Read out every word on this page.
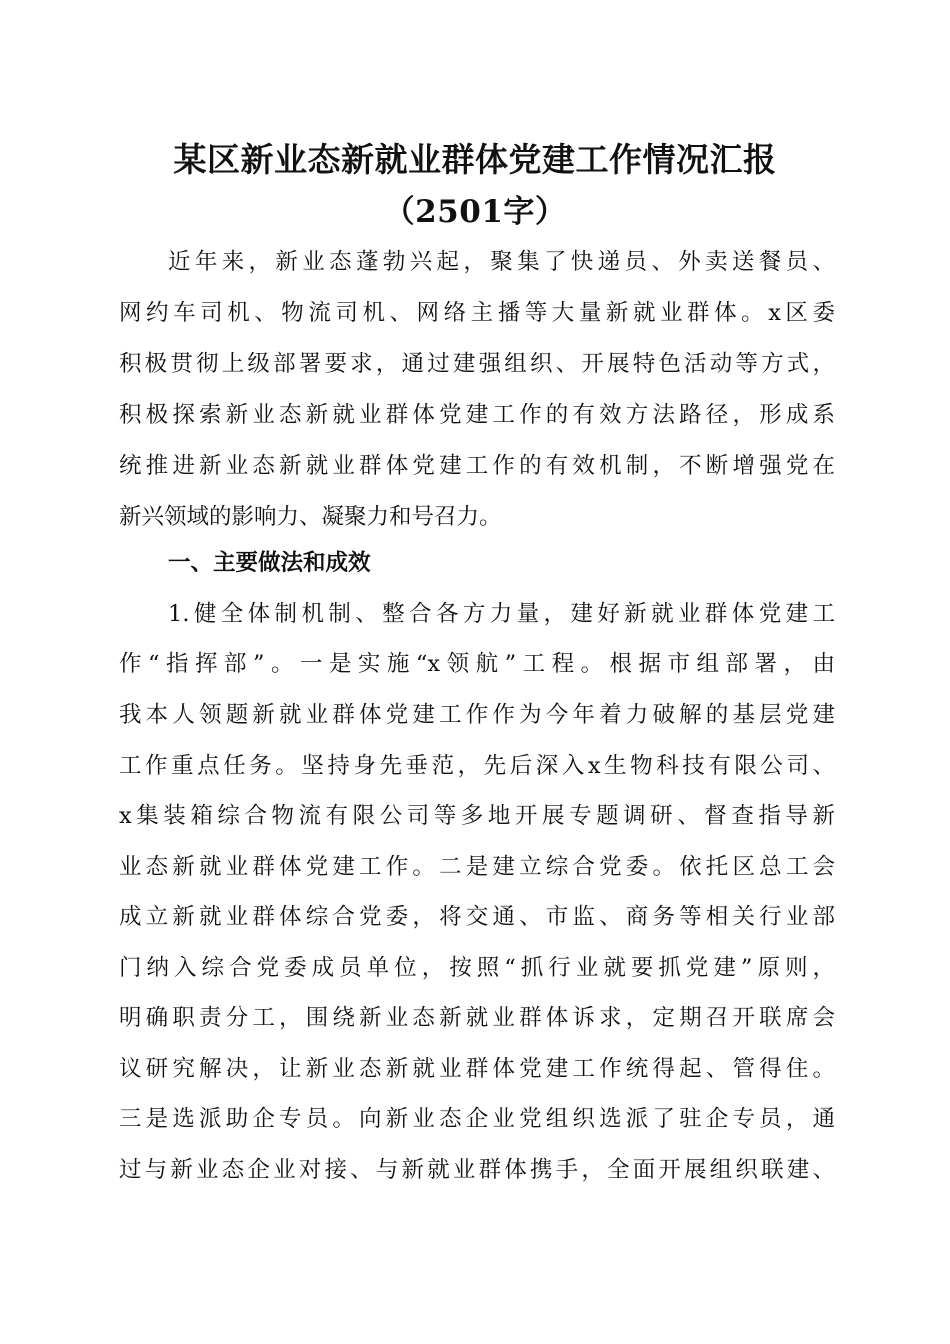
某区新业态新就业群体党建工作情况汇报
（2501字）
近年来，新业态蓬勃兴起，聚集了快递员、外卖送餐员、
网约车司机、物流司机、网络主播等大量新就业群体。x区委
积极贯彻上级部署要求，通过建强组织、开展特色活动等方式，
积极探索新业态新就业群体党建工作的有效方法路径，形成系
统推进新业态新就业群体党建工作的有效机制，不断增强党在
新兴领域的影响力、凝聚力和号召力。
一、主要做法和成效
1.健全体制机制、整合各方力量，建好新就业群体党建工
作“指挥部”。一是实施“x领航”工程。根据市组部署，由
我本人领题新就业群体党建工作作为今年着力破解的基层党建
工作重点任务。坚持身先垂范，先后深入x生物科技有限公司、
x集装箱综合物流有限公司等多地开展专题调研、督查指导新
业态新就业群体党建工作。二是建立综合党委。依托区总工会
成立新就业群体综合党委，将交通、市监、商务等相关行业部
门纳入综合党委成员单位，按照“抓行业就要抓党建”原则，
明确职责分工，围绕新业态新就业群体诉求，定期召开联席会
议研究解决，让新业态新就业群体党建工作统得起、管得住。
三是选派助企专员。向新业态企业党组织选派了驻企专员，通
过与新业态企业对接、与新就业群体携手，全面开展组织联建、
